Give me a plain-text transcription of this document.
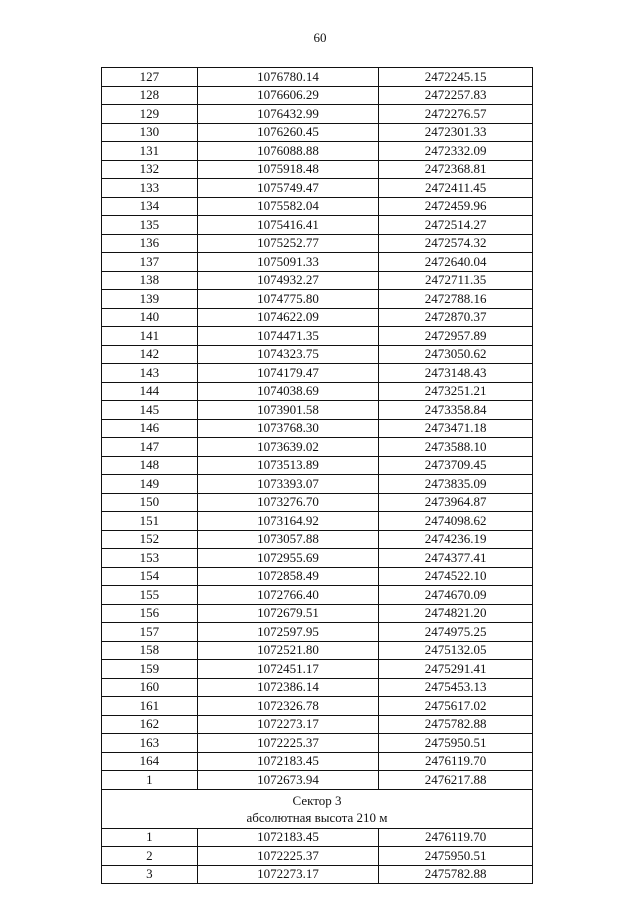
60
127	1076780.14	2472245.15
128	1076606.29	2472257.83
129	1076432.99	2472276.57
130	1076260.45	2472301.33
131	1076088.88	2472332.09
132	1075918.48	2472368.81
133	1075749.47	2472411.45
134	1075582.04	2472459.96
135	1075416.41	2472514.27
136	1075252.77	2472574.32
137	1075091.33	2472640.04
138	1074932.27	2472711.35
139	1074775.80	2472788.16
140	1074622.09	2472870.37
141	1074471.35	2472957.89
142	1074323.75	2473050.62
143	1074179.47	2473148.43
144	1074038.69	2473251.21
145	1073901.58	2473358.84
146	1073768.30	2473471.18
147	1073639.02	2473588.10
148	1073513.89	2473709.45
149	1073393.07	2473835.09
150	1073276.70	2473964.87
151	1073164.92	2474098.62
152	1073057.88	2474236.19
153	1072955.69	2474377.41
154	1072858.49	2474522.10
155	1072766.40	2474670.09
156	1072679.51	2474821.20
157	1072597.95	2474975.25
158	1072521.80	2475132.05
159	1072451.17	2475291.41
160	1072386.14	2475453.13
161	1072326.78	2475617.02
162	1072273.17	2475782.88
163	1072225.37	2475950.51
164	1072183.45	2476119.70
1	1072673.94	2476217.88

Сектор 3
абсолютная высота 210 м		

1	1072183.45	2476119.70
2	1072225.37	2475950.51
3	1072273.17	2475782.88
